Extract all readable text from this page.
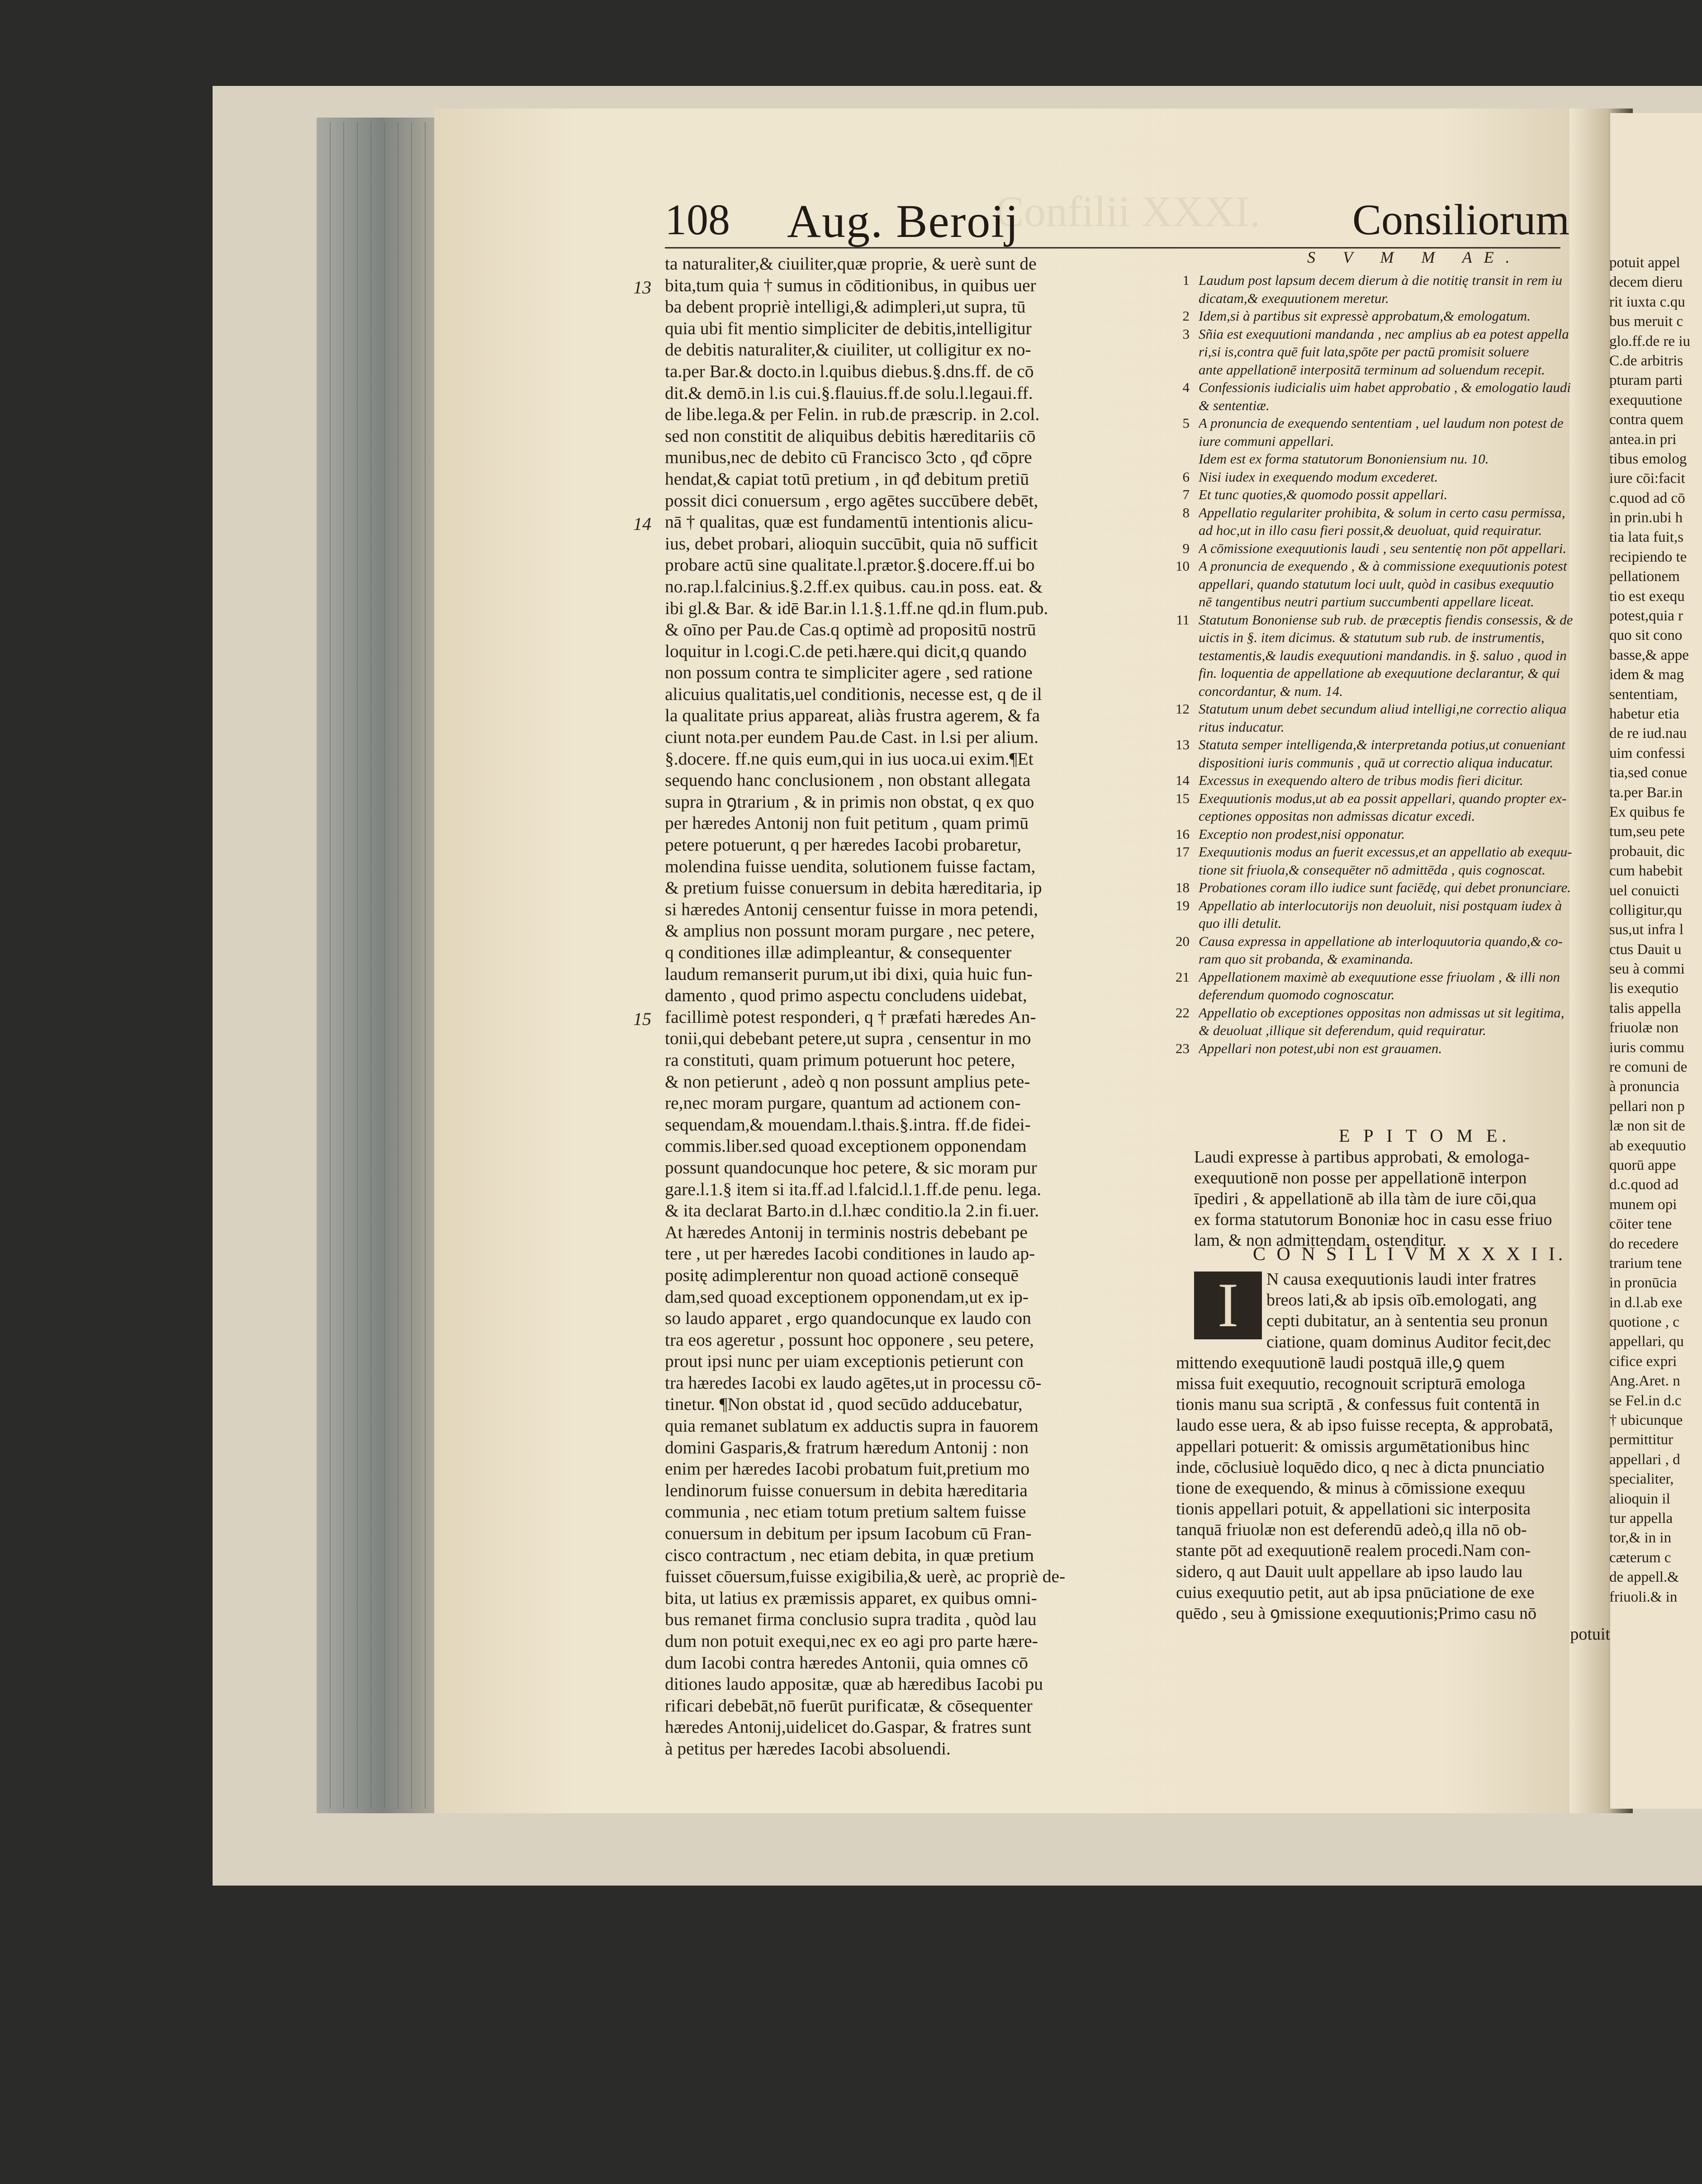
Confilii XXXI.
108 Aug. Beroij	Consiliorum
ta naturaliter,& ciuiliter,quæ proprie, & uerè sunt de
bita,tum quia † sumus in cōditionibus, in quibus uer
ba debent propriè intelligi,& adimpleri,ut supra, tū
quia ubi fit mentio simpliciter de debitis,intelligitur
de debitis naturaliter,& ciuiliter, ut colligitur ex no-
ta.per Bar.& docto.in l.quibus diebus.§.dns.ff. de cō
dit.& demō.in l.is cui.§.flauius.ff.de solu.l.legaui.ff.
de libe.lega.& per Felin. in rub.de præscrip. in 2.col.
sed non constitit de aliquibus debitis hæreditariis cō
munibus,nec de debito cū Francisco 3cto , qđ cōpre
hendat,& capiat totū pretium , in qđ debitum pretiū
possit dici conuersum , ergo agētes succūbere debēt,
nā † qualitas, quæ est fundamentū intentionis alicu-
ius, debet probari, alioquin succūbit, quia nō sufficit
probare actū sine qualitate.l.prætor.§.docere.ff.ui bo
no.rap.l.falcinius.§.2.ff.ex quibus. cau.in poss. eat. &
ibi gl.& Bar. & idē Bar.in l.1.§.1.ff.ne qd.in flum.pub.
& oīno per Pau.de Cas.q optimè ad propositū nostrū
loquitur in l.cogi.C.de peti.hære.qui dicit,q quando
non possum contra te simpliciter agere , sed ratione
alicuius qualitatis,uel conditionis, necesse est, q de il
la qualitate prius appareat, aliàs frustra agerem, & fa
ciunt nota.per eundem Pau.de Cast. in l.si per alium.
§.docere. ff.ne quis eum,qui in ius uoca.ui exim.¶Et
sequendo hanc conclusionem , non obstant allegata
supra in ꝯtrarium , & in primis non obstat, q ex quo
per hæredes Antonij non fuit petitum , quam primū
petere potuerunt, q per hæredes Iacobi probaretur,
molendina fuisse uendita, solutionem fuisse factam,
& pretium fuisse conuersum in debita hæreditaria, ip
si hæredes Antonij censentur fuisse in mora petendi,
& amplius non possunt moram purgare , nec petere,
q conditiones illæ adimpleantur, & consequenter
laudum remanserit purum,ut ibi dixi, quia huic fun-
damento , quod primo aspectu concludens uidebat,
facillimè potest responderi, q † præfati hæredes An-
tonii,qui debebant petere,ut supra , censentur in mo
ra constituti, quam primum potuerunt hoc petere,
& non petierunt , adeò q non possunt amplius pete-
re,nec moram purgare, quantum ad actionem con-
sequendam,& mouendam.l.thais.§.intra. ff.de fidei-
commis.liber.sed quoad exceptionem opponendam
possunt quandocunque hoc petere, & sic moram pur
gare.l.1.§ item si ita.ff.ad l.falcid.l.1.ff.de penu. lega.
& ita declarat Barto.in d.l.hæc conditio.la 2.in fi.uer.
At hæredes Antonij in terminis nostris debebant pe
tere , ut per hæredes Iacobi conditiones in laudo ap-
positę adimplerentur non quoad actionē consequē
dam,sed quoad exceptionem opponendam,ut ex ip-
so laudo apparet , ergo quandocunque ex laudo con
tra eos ageretur , possunt hoc opponere , seu petere,
prout ipsi nunc per uiam exceptionis petierunt con
tra hæredes Iacobi ex laudo agētes,ut in processu cō-
tinetur. ¶Non obstat id , quod secūdo adducebatur,
quia remanet sublatum ex adductis supra in fauorem
domini Gasparis,& fratrum hæredum Antonij : non
enim per hæredes Iacobi probatum fuit,pretium mo
lendinorum fuisse conuersum in debita hæreditaria
communia , nec etiam totum pretium saltem fuisse
conuersum in debitum per ipsum Iacobum cū Fran-
cisco contractum , nec etiam debita, in quæ pretium
fuisset cōuersum,fuisse exigibilia,& uerè, ac propriè de-
bita, ut latius ex præmissis apparet, ex quibus omni-
bus remanet firma conclusio supra tradita , quòd lau
dum non potuit exequi,nec ex eo agi pro parte hære-
dum Iacobi contra hæredes Antonii, quia omnes cō
ditiones laudo appositæ, quæ ab hæredibus Iacobi pu
rificari debebāt,nō fuerūt purificatæ, & cōsequenter
hæredes Antonij,uidelicet do.Gaspar, & fratres sunt
à petitus per hæredes Iacobi absoluendi.
13
14
15
S V M M AE.
1 Laudum post lapsum decem dierum à die notitię transit in rem iu
dicatam,& exequutionem meretur.
2 Idem,si à partibus sit expressè approbatum,& emologatum.
3 Sñia est exequutioni mandanda , nec amplius ab ea potest appella
ri,si is,contra quē fuit lata,spōte per pactū promisit soluere
ante appellationē interpositā terminum ad soluendum recepit.
4 Confessionis iudicialis uim habet approbatio , & emologatio laudi
& sententiæ.
5 A pronuncia de exequendo sententiam , uel laudum non potest de
iure communi appellari.
Idem est ex forma statutorum Bononiensium nu. 10.
6 Nisi iudex in exequendo modum excederet.
7 Et tunc quoties,& quomodo possit appellari.
8 Appellatio regulariter prohibita, & solum in certo casu permissa,
ad hoc,ut in illo casu fieri possit,& deuoluat, quid requiratur.
9 A cōmissione exequutionis laudi , seu sententię non pōt appellari.
10 A pronuncia de exequendo , & à commissione exequutionis potest
appellari, quando statutum loci uult, quòd in casibus exequutio
nē tangentibus neutri partium succumbenti appellare liceat.
11 Statutum Bononiense sub rub. de præceptis fiendis consessis, & de
uictis in §. item dicimus. & statutum sub rub. de instrumentis,
testamentis,& laudis exequutioni mandandis. in §. saluo , quod in
fin. loquentia de appellatione ab exequutione declarantur, & qui
concordantur, & num. 14.
12 Statutum unum debet secundum aliud intelligi,ne correctio aliqua
ritus inducatur.
13 Statuta semper intelligenda,& interpretanda potius,ut conueniant
dispositioni iuris communis , quā ut correctio aliqua inducatur.
14 Excessus in exequendo altero de tribus modis fieri dicitur.
15 Exequutionis modus,ut ab ea possit appellari, quando propter ex-
ceptiones oppositas non admissas dicatur excedi.
16 Exceptio non prodest,nisi opponatur.
17 Exequutionis modus an fuerit excessus,et an appellatio ab exequu-
tione sit friuola,& consequēter nō admittēda , quis cognoscat.
18 Probationes coram illo iudice sunt faciēdę, qui debet pronunciare.
19 Appellatio ab interlocutorijs non deuoluit, nisi postquam iudex à
quo illi detulit.
20 Causa expressa in appellatione ab interloquutoria quando,& co-
ram quo sit probanda, & examinanda.
21 Appellationem maximè ab exequutione esse friuolam , & illi non
deferendum quomodo cognoscatur.
22 Appellatio ob exceptiones oppositas non admissas ut sit legitima,
& deuoluat ,illique sit deferendum, quid requiratur.
23 Appellari non potest,ubi non est grauamen.
E P I T O M E.
Laudi expresse à partibus approbati, & emologa-
exequutionē non posse per appellationē interpon
īpediri , & appellationē ab illa tàm de iure cōi,qua
ex forma statutorum Bononiæ hoc in casu esse friuo
lam, & non admittendam, ostenditur.
C O N S I L I V M X X X I I.
I	N causa exequutionis laudi inter fratres
breos lati,& ab ipsis oīb.emologati, ang
cepti dubitatur, an à sententia seu pronun
ciatione, quam dominus Auditor fecit,dec
mittendo exequutionē laudi postquā ille,ꝯ quem
missa fuit exequutio, recognouit scripturā emologa
tionis manu sua scriptā , & confessus fuit contentā in
laudo esse uera, & ab ipso fuisse recepta, & approbatā,
appellari potuerit: & omissis argumētationibus hinc
inde, cōclusiuè loquēdo dico, q nec à dicta pnunciatio
tione de exequendo, & minus à cōmissione exequu
tionis appellari potuit, & appellationi sic interposita
tanquā friuolæ non est deferendū adeò,q illa nō ob-
stante pōt ad exequutionē realem procedi.Nam con-
sidero, q aut Dauit uult appellare ab ipso laudo lau
cuius exequutio petit, aut ab ipsa pnūciatione de exe
quēdo , seu à ꝯmissione exequutionis;Primo casu nō
potuit
potuit appel
decem dieru
rit iuxta c.qu
bus meruit c
glo.ff.de re iu
C.de arbitris
pturam parti
exequutione
contra quem
antea.in pri
tibus emolog
iure cōi:facit
c.quod ad cō
in prin.ubi h
tia lata fuit,s
recipiendo te
pellationem
tio est exequ
potest,quia r
quo sit cono
basse,& appe
idem & mag
sententiam,
habetur etia
de re iud.nau
uim confessi
tia,sed conue
ta.per Bar.in
Ex quibus fe
tum,seu pete
probauit, dic
cum habebit
uel conuicti
colligitur,qu
sus,ut infra l
ctus Dauit u
seu à commi
lis exequtio
talis appella
friuolæ non
iuris commu
re comuni de
à pronuncia
pellari non p
læ non sit de
ab exequutio
quorū appe
d.c.quod ad
munem opi
cōiter tene
do recedere
trarium tene
in pronūcia
in d.l.ab exe
quotione , c
appellari, qu
cifice expri
Ang.Aret. n
se Fel.in d.c
† ubicunque
permittitur
appellari , d
specialiter,
alioquin il
tur appella
tor,& in in
cæterum c
de appell.&
friuoli.& in
